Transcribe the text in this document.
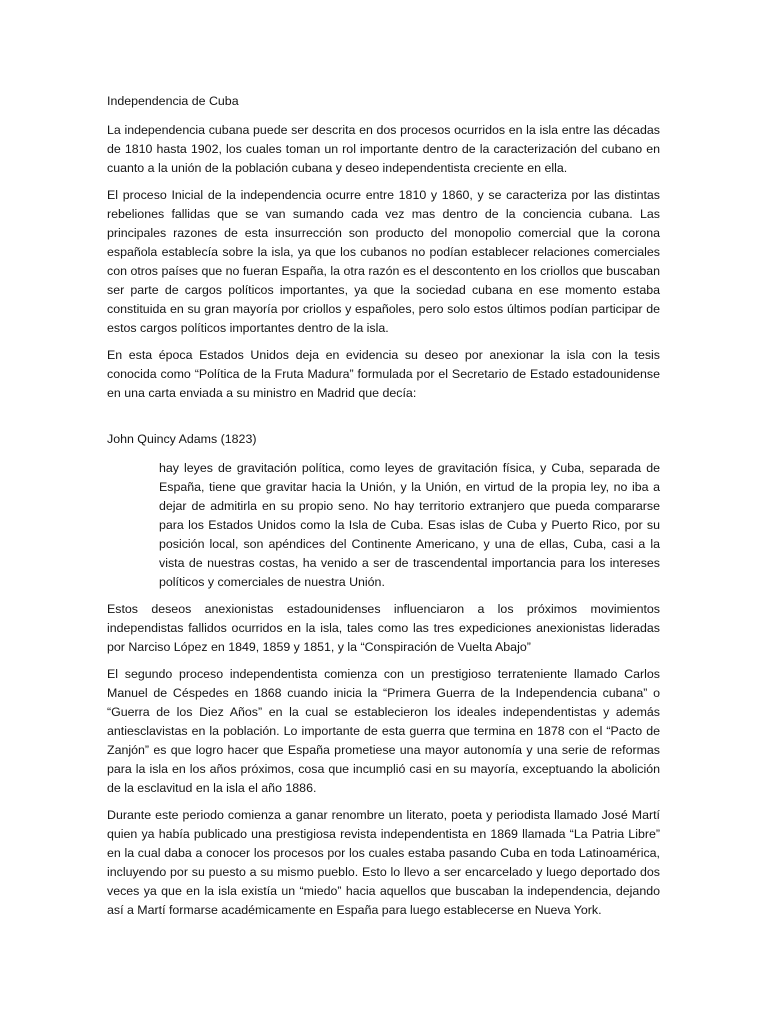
Independencia de Cuba

La independencia cubana puede ser descrita en dos procesos ocurridos en la isla entre las décadas de 1810 hasta 1902, los cuales toman un rol importante dentro de la caracterización del cubano en cuanto a la unión de la población cubana y deseo independentista creciente en ella.

El proceso Inicial de la independencia ocurre entre 1810 y 1860, y se caracteriza por las distintas rebeliones fallidas que se van sumando cada vez mas dentro de la conciencia cubana. Las principales razones de esta insurrección son producto del monopolio comercial que la corona española establecía sobre la isla, ya que los cubanos no podían establecer relaciones comerciales con otros países que no fueran España, la otra razón es el descontento en los criollos que buscaban ser parte de cargos políticos importantes, ya que la sociedad cubana en ese momento estaba constituida en su gran mayoría por criollos y españoles, pero solo estos últimos podían participar de estos cargos políticos importantes dentro de la isla.

En esta época Estados Unidos deja en evidencia su deseo por anexionar la isla con la tesis conocida como “Política de la Fruta Madura” formulada por el Secretario de Estado estadounidense en una carta enviada a su ministro en Madrid que decía:

John Quincy Adams (1823)

hay leyes de gravitación política, como leyes de gravitación física, y Cuba, separada de España, tiene que gravitar hacia la Unión, y la Unión, en virtud de la propia ley, no iba a dejar de admitirla en su propio seno. No hay territorio extranjero que pueda compararse para los Estados Unidos como la Isla de Cuba. Esas islas de Cuba y Puerto Rico, por su posición local, son apéndices del Continente Americano, y una de ellas, Cuba, casi a la vista de nuestras costas, ha venido a ser de trascendental importancia para los intereses políticos y comerciales de nuestra Unión.

Estos deseos anexionistas estadounidenses influenciaron a los próximos movimientos independistas fallidos ocurridos en la isla, tales como las tres expediciones anexionistas lideradas por Narciso López en 1849, 1859 y 1851, y la “Conspiración de Vuelta Abajo”

El segundo proceso independentista comienza con un prestigioso terrateniente llamado Carlos Manuel de Céspedes en 1868 cuando inicia la “Primera Guerra de la Independencia cubana” o “Guerra de los Diez Años” en la cual se establecieron los ideales independentistas y además antiesclavistas en la población. Lo importante de esta guerra que termina en 1878 con el “Pacto de Zanjón” es que logro hacer que España prometiese una mayor autonomía y una serie de reformas para la isla en los años próximos, cosa que incumplió casi en su mayoría, exceptuando la abolición de la esclavitud en la isla el año 1886.

Durante este periodo comienza a ganar renombre un literato, poeta y periodista llamado José Martí quien ya había publicado una prestigiosa revista independentista en 1869 llamada “La Patria Libre” en la cual daba a conocer los procesos por los cuales estaba pasando Cuba en toda Latinoamérica, incluyendo por su puesto a su mismo pueblo. Esto lo llevo a ser encarcelado y luego deportado dos veces ya que en la isla existía un “miedo” hacia aquellos que buscaban la independencia, dejando así a Martí formarse académicamente en España para luego establecerse en Nueva York.
